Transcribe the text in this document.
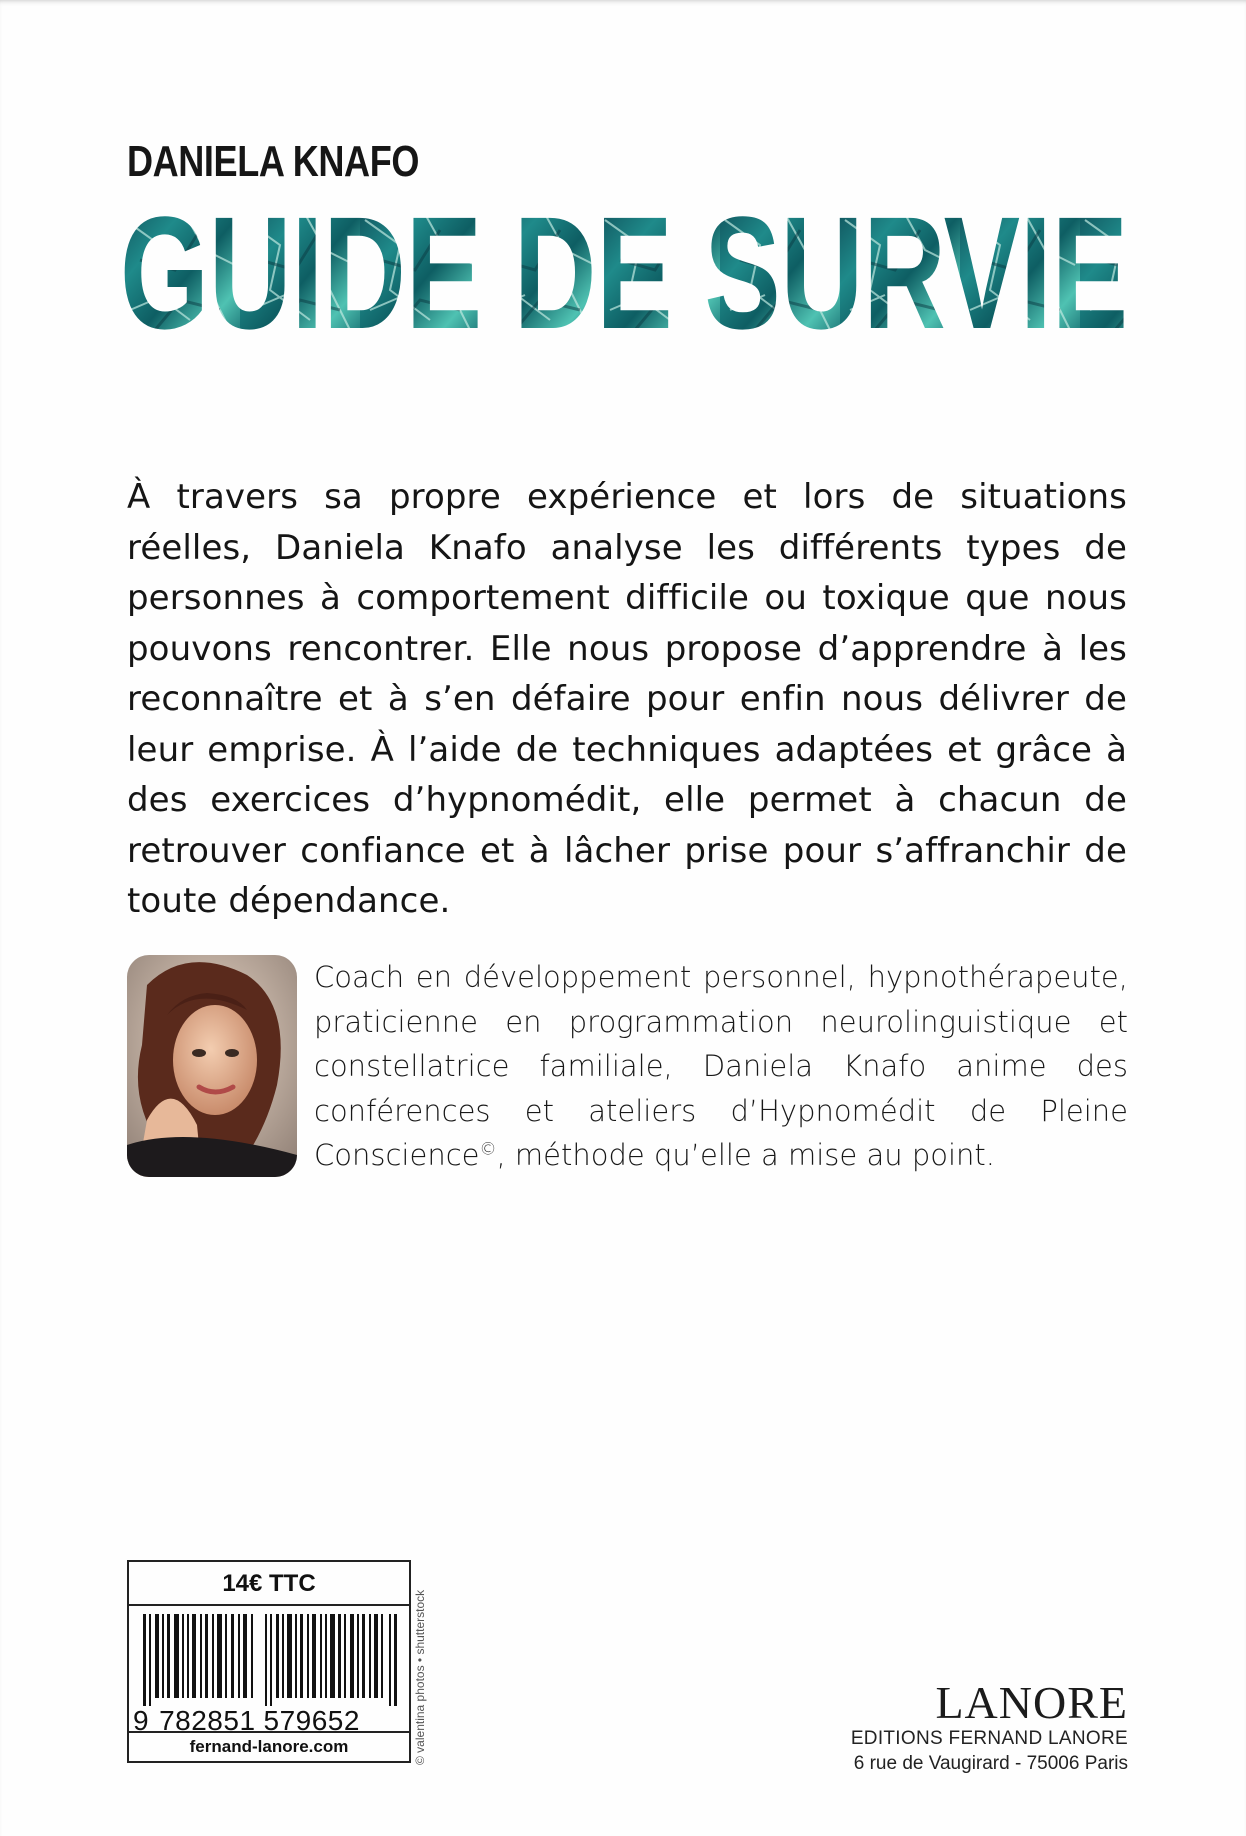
DANIELA KNAFO
GUIDE DE SURVIE
À travers sa propre expérience et lors de situations réelles, Daniela Knafo analyse les différents types de personnes à comportement difficile ou toxique que nous pouvons rencontrer. Elle nous propose d’apprendre à les reconnaître et à s’en défaire pour enfin nous délivrer de leur emprise. À l’aide de techniques adaptées et grâce à des exercices d’hypnomédit, elle permet à chacun de retrouver confiance et à lâcher prise pour s’affranchir de toute dépendance.
Coach en développement personnel, hypnothérapeute, praticienne en programmation neurolinguistique et constellatrice familiale, Daniela Knafo anime des conférences et ateliers d’Hypnomédit de Pleine Conscience©, méthode qu’elle a mise au point.
14€ TTC
9 782851 579652
fernand-lanore.com	© valentina photos • shutterstock	LANORE
EDITIONS FERNAND LANORE
6 rue de Vaugirard - 75006 Paris
